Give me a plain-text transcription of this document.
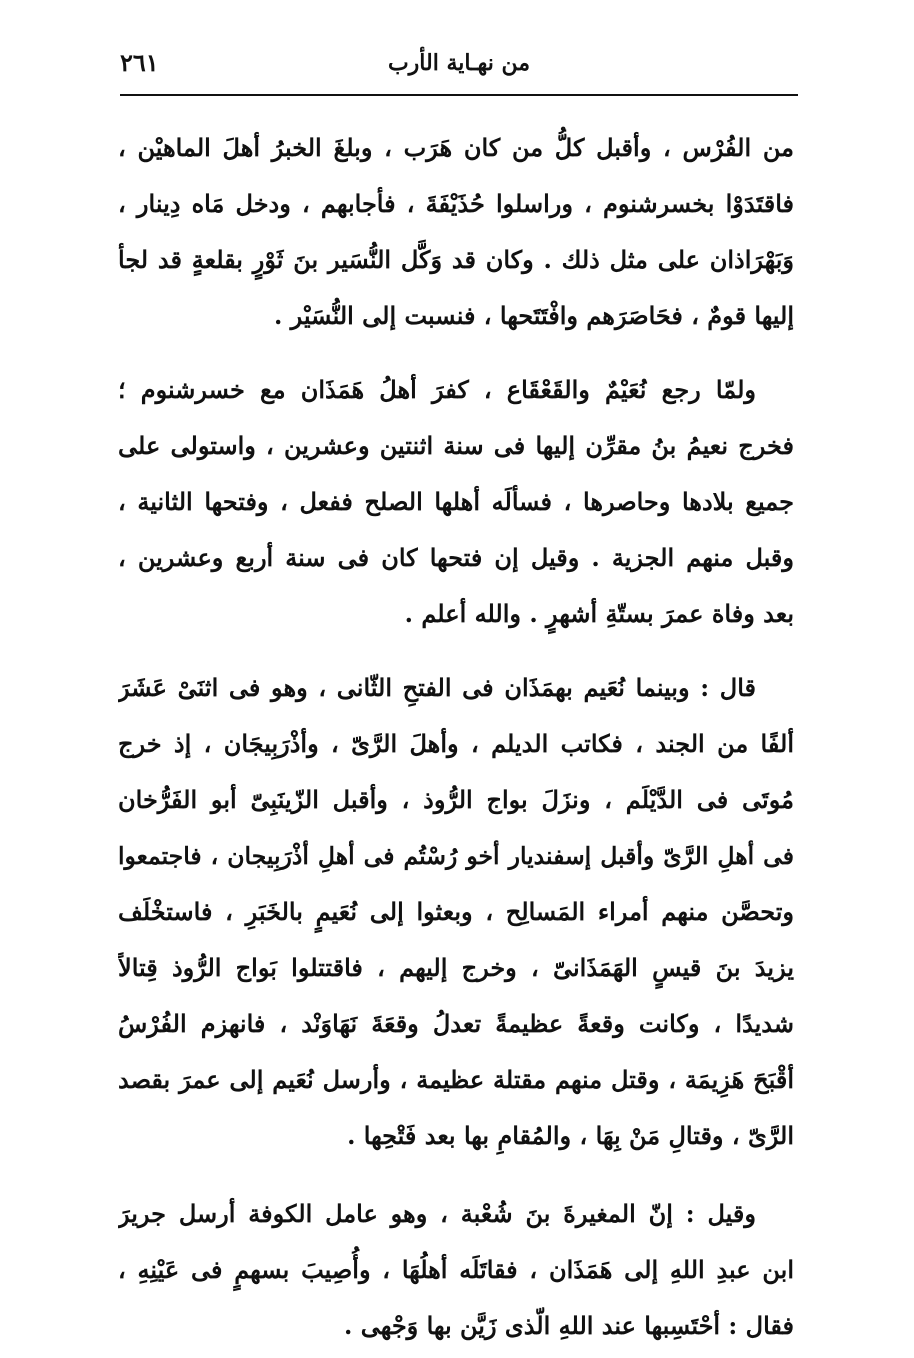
٢٦١	من نهـاية الأرب
من الفُرْس ، وأقبل كلُّ من كان هَرَب ، وبلغَ الخبرُ أهلَ الماهيْن ،
فاقتَدَوْا بخسرشنوم ، وراسلوا حُذَيْفَةَ ، فأجابهم ، ودخل مَاه دِينار ،
وَبَهْرَاذان على مثل ذلك . وكان قد وَكَّل النُّسَير بنَ ثَوْرٍ بقلعةٍ قد لجأ
إليها قومٌ ، فحَاصَرَهم وافْتَتَحها ، فنسبت إلى النُّسَيْر .
ولمّا رجع نُعَيْمٌ والقَعْقَاع ، كفرَ أهلُ هَمَذَان مع خسرشنوم ؛
فخرج نعيمُ بنُ مقرِّن إليها فى سنة اثنتين وعشرين ، واستولى على
جميع بلادها وحاصرها ، فسألَه أهلها الصلح ففعل ، وفتحها الثانية ،
وقبل منهم الجزية . وقيل إن فتحها كان فى سنة أربع وعشرين ،
بعد وفاة عمرَ بستّةِ أشهرٍ . والله أعلم .
قال : وبينما نُعَيم بهمَذَان فى الفتحِ الثّانى ، وهو فى اثنَىْ عَشَرَ
ألفًا من الجند ، فكاتب الديلم ، وأهلَ الرَّىّ ، وأذْرَبِيجَان ، إذ خرج
مُوتَى فى الدَّيْلَم ، ونزَلَ بواج الرُّوذ ، وأقبل الزّينَبِىّ أبو الفَرُّخان
فى أهلِ الرَّىّ وأقبل إسفنديار أخو رُسْتُم فى أهلِ أذْرَبِيجان ، فاجتمعوا
وتحصَّن منهم أمراء المَسالِح ، وبعثوا إلى نُعَيمٍ بالخَبَرِ ، فاستخْلَف
يزيدَ بنَ قيسٍ الهَمَذَانىّ ، وخرج إليهم ، فاقتتلوا بَواج الرُّوذ قِتالاً
شديدًا ، وكانت وقعةً عظيمةً تعدلُ وقعَةَ نَهَاوَنْد ، فانهزم الفُرْسُ
أقْبَحَ هَزِيمَة ، وقتل منهم مقتلة عظيمة ، وأرسل نُعَيم إلى عمرَ بقصد
الرَّىّ ، وقتالِ مَنْ بِهَا ، والمُقامِ بها بعد فَتْحِها .
وقيل : إنّ المغيرةَ بنَ شُعْبة ، وهو عامل الكوفة أرسل جريرَ
ابن عبدِ اللهِ إلى هَمَذَان ، فقاتَلَه أهلُهَا ، وأُصِيبَ بسهمٍ فى عَيْنِهِ ،
فقال : أحْتَسِبها عند اللهِ الّذى زَيَّن بها وَجْهى .
